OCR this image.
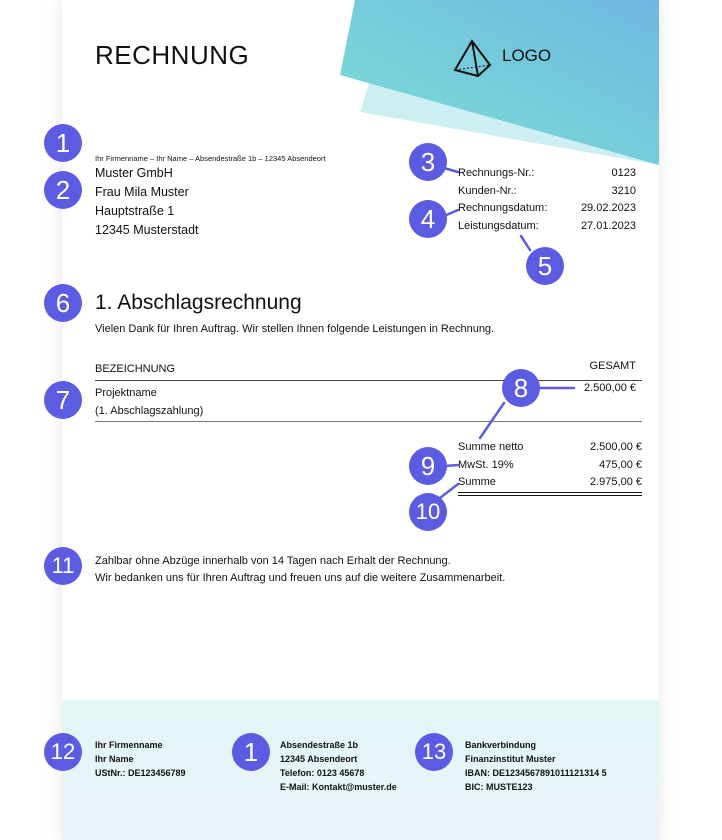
RECHNUNG	LOGO
Ihr Firmenname – Ihr Name – Absendestraße 1b – 12345 Absendeort
Muster GmbH
Frau Mila Muster
Hauptstraße 1
12345 Musterstadt
Rechnungs-Nr.:	0123
Kunden-Nr.:	3210
Rechnungsdatum:	29.02.2023
Leistungsdatum:	27.01.2023
1. Abschlagsrechnung
Vielen Dank für Ihren Auftrag. Wir stellen Ihnen folgende Leistungen in Rechnung.
BEZEICHNUNG	GESAMT
Projektname
(1. Abschlagszahlung)
2.500,00 €
Summe netto	2.500,00 €
MwSt. 19%	475,00 €
Summe	2.975,00 €
Zahlbar ohne Abzüge innerhalb von 14 Tagen nach Erhalt der Rechnung.
Wir bedanken uns für Ihren Auftrag und freuen uns auf die weitere Zusammenarbeit.
Ihr Firmenname
Ihr Name
UStNr.: DE123456789
Absendestraße 1b
12345 Absendeort
Telefon: 0123 45678
E-Mail: Kontakt@muster.de
Bankverbindung
Finanzinstitut Muster
IBAN: DE1234567891011121314 5
BIC: MUSTE123
1
2
3
4
5
6
7	8
9
10
11
12	1	13
